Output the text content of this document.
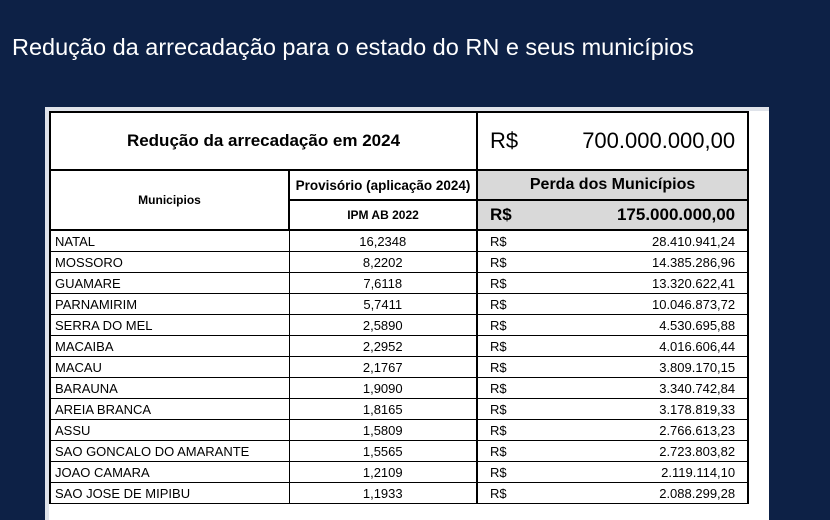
Redução da arrecadação para o estado do RN e seus municípios
Redução da arrecadação em 2024		R$	700.000.000,00
Municipios	Provisório (aplicação 2024)	Perda dos Municípios	
	IPM AB 2022	R$	175.000.000,00
NATAL	16,2348	R$	28.410.941,24
MOSSORO	8,2202	R$	14.385.286,96
GUAMARE	7,6118	R$	13.320.622,41
PARNAMIRIM	5,7411	R$	10.046.873,72
SERRA DO MEL	2,5890	R$	4.530.695,88
MACAIBA	2,2952	R$	4.016.606,44
MACAU	2,1767	R$	3.809.170,15
BARAUNA	1,9090	R$	3.340.742,84
AREIA BRANCA	1,8165	R$	3.178.819,33
ASSU	1,5809	R$	2.766.613,23
SAO GONCALO DO AMARANTE	1,5565	R$	2.723.803,82
JOAO CAMARA	1,2109	R$	2.119.114,10
SAO JOSE DE MIPIBU	1,1933	R$	2.088.299,28
